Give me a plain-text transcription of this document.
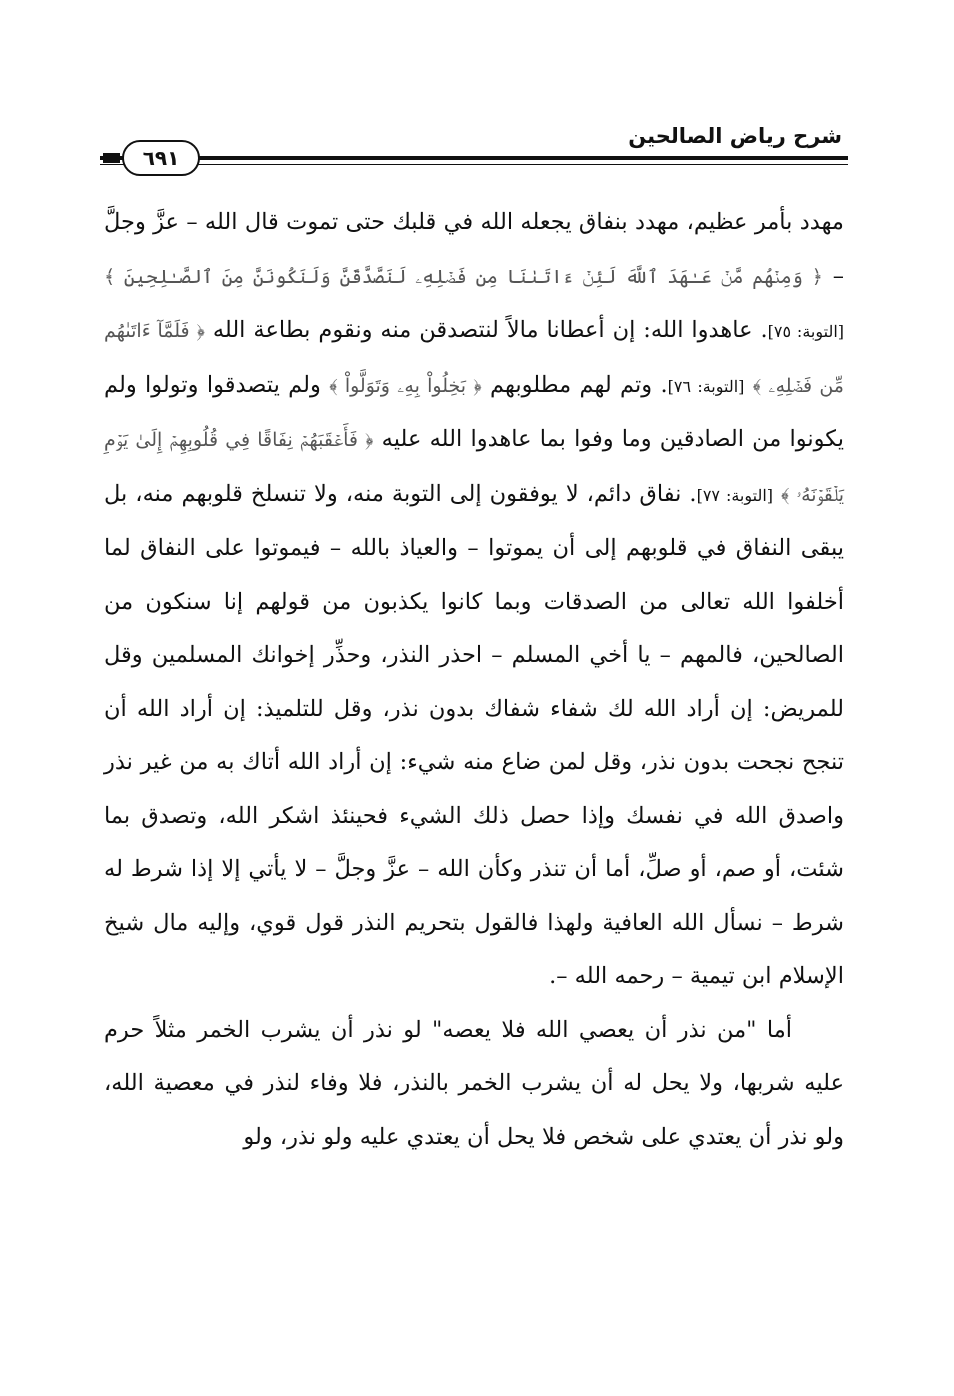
شرح رياض الصالحين
٦٩١

مهدد بأمر عظيم، مهدد بنفاق يجعله الله في قلبك حتى تموت قال الله – عزَّ وجلَّ – ﴿ وَمِنۡهُم مَّنۡ عَـٰهَدَ ٱللَّهَ لَئِنۡ ءَاتَىٰنَا مِن فَضۡلِهِۦ لَنَصَّدَّقَنَّ وَلَنَكُونَنَّ مِنَ ٱلصَّـٰلِحِينَ ﴾ [التوبة: ٧٥]. عاهدوا الله: إن أعطانا مالاً لنتصدقن منه ونقوم بطاعة الله ﴿ فَلَمَّآ ءَاتَىٰهُم مِّن فَضۡلِهِۦ ﴾ [التوبة: ٧٦]. وتم لهم مطلوبهم ﴿ بَخِلُواْ بِهِۦ وَتَوَلَّواْ ﴾ ولم يتصدقوا وتولوا ولم يكونوا من الصادقين وما وفوا بما عاهدوا الله عليه ﴿ فَأَعۡقَبَهُمۡ نِفَاقًا فِي قُلُوبِهِمۡ إِلَىٰ يَوۡمِ يَلۡقَوۡنَهُۥ ﴾ [التوبة: ٧٧]. نفاق دائم، لا يوفقون إلى التوبة منه، ولا تنسلخ قلوبهم منه، بل يبقى النفاق في قلوبهم إلى أن يموتوا – والعياذ بالله – فيموتوا على النفاق لما أخلفوا الله تعالى من الصدقات وبما كانوا يكذبون من قولهم إنا سنكون من الصالحين، فالمهم – يا أخي المسلم – احذر النذر، وحذِّر إخوانك المسلمين وقل للمريض: إن أراد الله لك شفاء شفاك بدون نذر، وقل للتلميذ: إن أراد الله أن تنجح نجحت بدون نذر، وقل لمن ضاع منه شيء: إن أراد الله أتاك به من غير نذر واصدق الله في نفسك وإذا حصل ذلك الشيء فحينئذ اشكر الله، وتصدق بما شئت، أو صم، أو صلِّ، أما أن تنذر وكأن الله – عزَّ وجلَّ – لا يأتي إلا إذا شرط له شرط – نسأل الله العافية ولهذا فالقول بتحريم النذر قول قوي، وإليه مال شيخ الإسلام ابن تيمية – رحمه الله –.

أما "من نذر أن يعصي الله فلا يعصه" لو نذر أن يشرب الخمر مثلاً حرم عليه شربها، ولا يحل له أن يشرب الخمر بالنذر، فلا وفاء لنذر في معصية الله، ولو نذر أن يعتدي على شخص فلا يحل أن يعتدي عليه ولو نذر، ولو
